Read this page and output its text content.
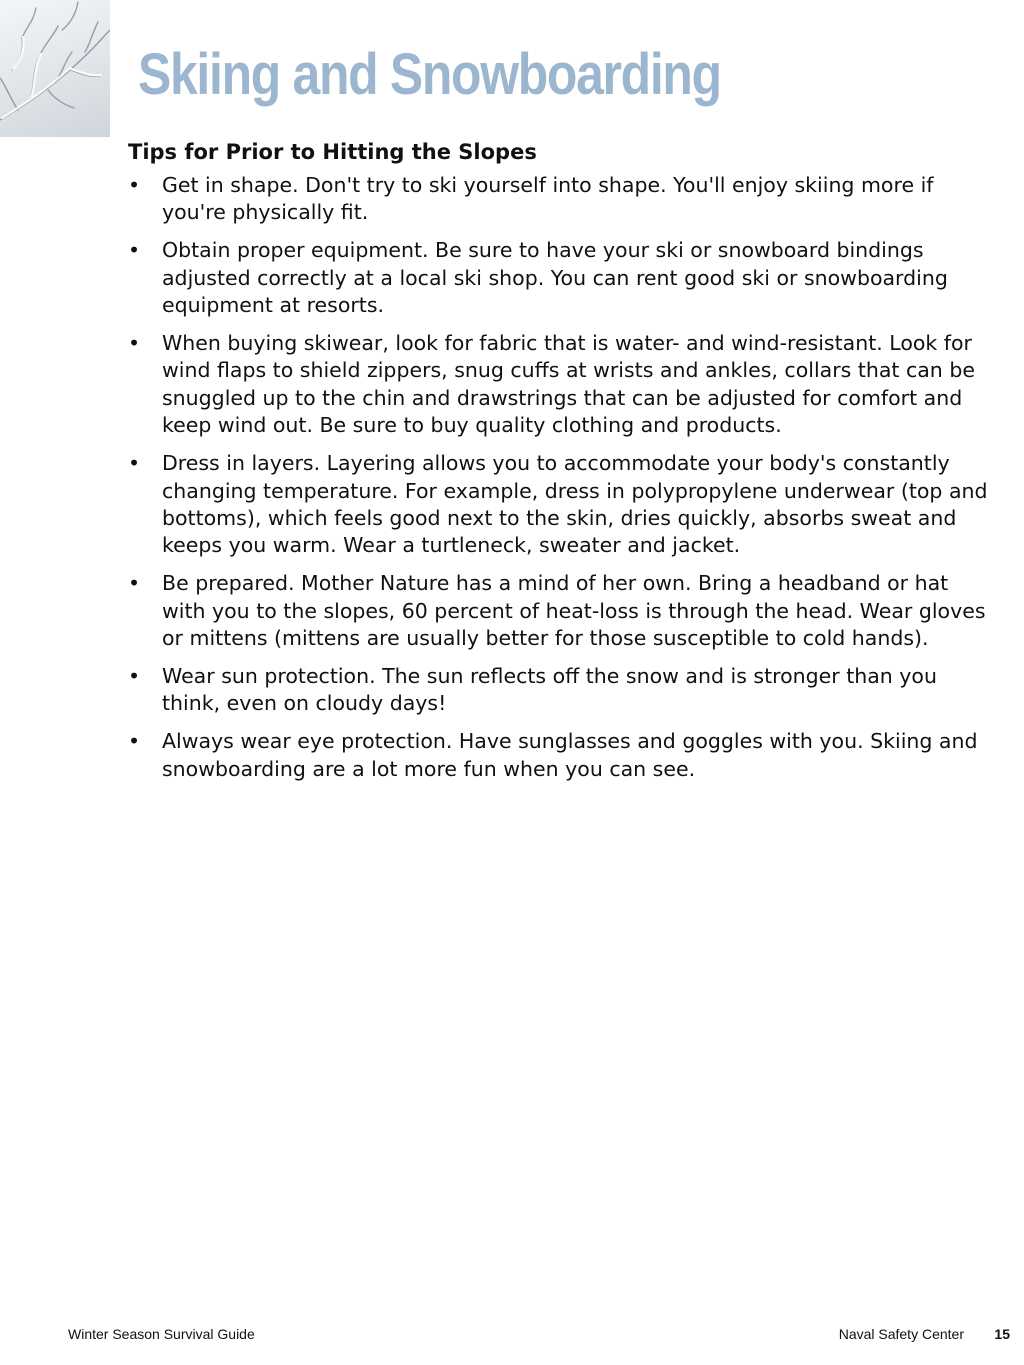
Skiing and Snowboarding
Tips for Prior to Hitting the Slopes
• Get in shape. Don't try to ski yourself into shape. You'll enjoy skiing more if you're physically fit.
• Obtain proper equipment. Be sure to have your ski or snowboard bindings adjusted correctly at a local ski shop. You can rent good ski or snowboarding equipment at resorts.
• When buying skiwear, look for fabric that is water- and wind-resistant. Look for wind flaps to shield zippers, snug cuffs at wrists and ankles, collars that can be snuggled up to the chin and drawstrings that can be adjusted for comfort and keep wind out. Be sure to buy quality clothing and products.
• Dress in layers. Layering allows you to accommodate your body's constantly changing temperature. For example, dress in polypropylene underwear (top and bottoms), which feels good next to the skin, dries quickly, absorbs sweat and keeps you warm. Wear a turtleneck, sweater and jacket.
• Be prepared. Mother Nature has a mind of her own. Bring a headband or hat with you to the slopes, 60 percent of heat-loss is through the head. Wear gloves or mittens (mittens are usually better for those susceptible to cold hands).
• Wear sun protection. The sun reflects off the snow and is stronger than you think, even on cloudy days!
• Always wear eye protection. Have sunglasses and goggles with you. Skiing and snowboarding are a lot more fun when you can see.
Winter Season Survival Guide	Naval Safety Center 15
